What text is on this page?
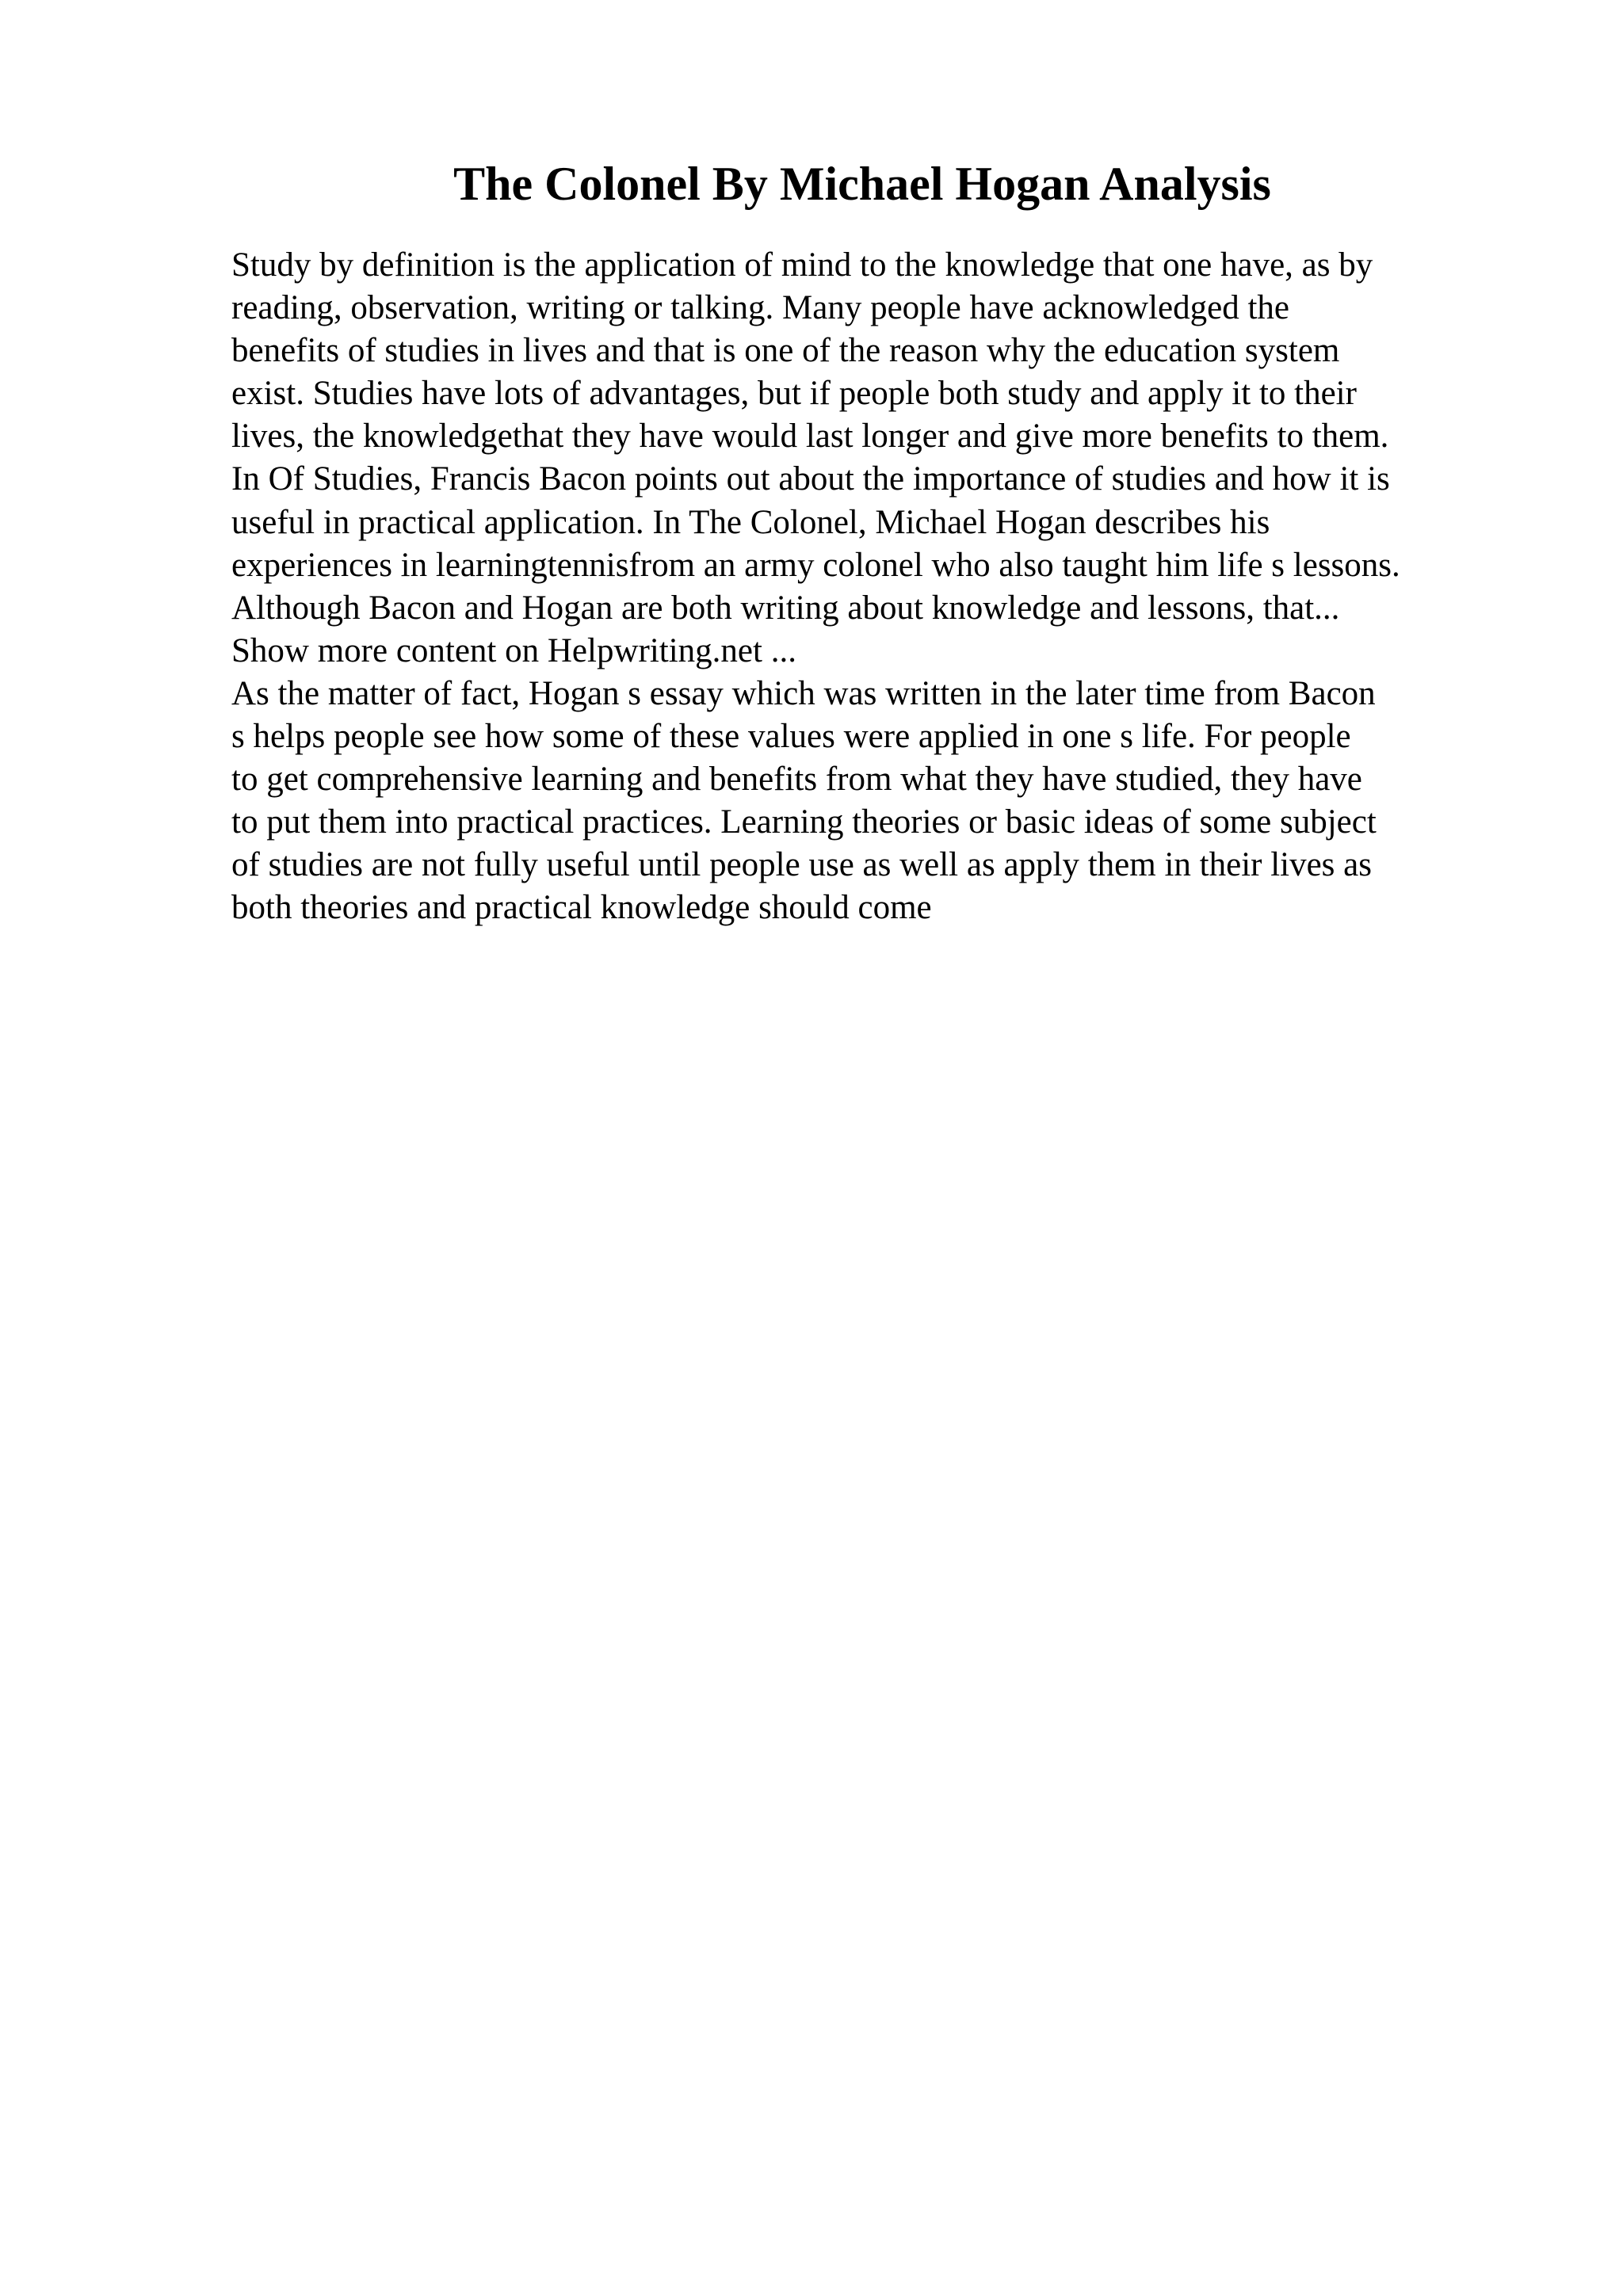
The Colonel By Michael Hogan Analysis
Study by definition is the application of mind to the knowledge that one have, as by
reading, observation, writing or talking. Many people have acknowledged the
benefits of studies in lives and that is one of the reason why the education system
exist. Studies have lots of advantages, but if people both study and apply it to their
lives, the knowledgethat they have would last longer and give more benefits to them.
In Of Studies, Francis Bacon points out about the importance of studies and how it is
useful in practical application. In The Colonel, Michael Hogan describes his
experiences in learningtennisfrom an army colonel who also taught him life s lessons.
Although Bacon and Hogan are both writing about knowledge and lessons, that...
Show more content on Helpwriting.net ...
As the matter of fact, Hogan s essay which was written in the later time from Bacon
s helps people see how some of these values were applied in one s life. For people
to get comprehensive learning and benefits from what they have studied, they have
to put them into practical practices. Learning theories or basic ideas of some subject
of studies are not fully useful until people use as well as apply them in their lives as
both theories and practical knowledge should come
